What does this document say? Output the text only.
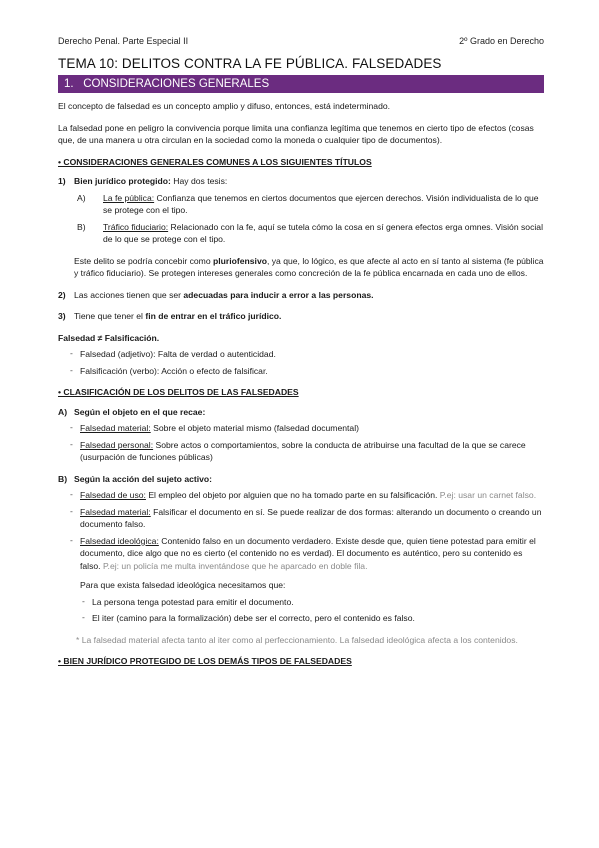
Derecho Penal. Parte Especial II	2º Grado en Derecho
TEMA 10: DELITOS CONTRA LA FE PÚBLICA. FALSEDADES
1. CONSIDERACIONES GENERALES

El concepto de falsedad es un concepto amplio y difuso, entonces, está indeterminado.

La falsedad pone en peligro la convivencia porque limita una confianza legítima que tenemos en cierto tipo de efectos (cosas que, de una manera u otra circulan en la sociedad como la moneda o cualquier tipo de documentos).

• CONSIDERACIONES GENERALES COMUNES A LOS SIGUIENTES TÍTULOS
1) Bien jurídico protegido: Hay dos tesis:
A) La fe pública: Confianza que tenemos en ciertos documentos que ejercen derechos. Visión individualista de lo que se protege con el tipo.
B) Tráfico fiduciario: Relacionado con la fe, aquí se tutela cómo la cosa en sí genera efectos erga omnes. Visión social de lo que se protege con el tipo.

Este delito se podría concebir como pluriofensivo, ya que, lo lógico, es que afecte al acto en sí tanto al sistema (fe pública y tráfico fiduciario). Se protegen intereses generales como concreción de la fe pública encarnada en cada uno de ellos.

2) Las acciones tienen que ser adecuadas para inducir a error a las personas.
3) Tiene que tener el fin de entrar en el tráfico jurídico.
Falsedad ≠ Falsificación.
- Falsedad (adjetivo): Falta de verdad o autenticidad.
- Falsificación (verbo): Acción o efecto de falsificar.
• CLASIFICACIÓN DE LOS DELITOS DE LAS FALSEDADES
A) Según el objeto en el que recae:
- Falsedad material: Sobre el objeto material mismo (falsedad documental)
- Falsedad personal: Sobre actos o comportamientos, sobre la conducta de atribuirse una facultad de la que se carece (usurpación de funciones públicas)
B) Según la acción del sujeto activo:
- Falsedad de uso: El empleo del objeto por alguien que no ha tomado parte en su falsificación. P.ej: usar un carnet falso.
- Falsedad material: Falsificar el documento en sí. Se puede realizar de dos formas: alterando un documento o creando un documento falso.
- Falsedad ideológica: Contenido falso en un documento verdadero. Existe desde que, quien tiene potestad para emitir el documento, dice algo que no es cierto (el contenido no es verdad). El documento es auténtico, pero su contenido es falso. P.ej: un policía me multa inventándose que he aparcado en doble fila.

Para que exista falsedad ideológica necesitamos que:

- La persona tenga potestad para emitir el documento.
- El iter (camino para la formalización) debe ser el correcto, pero el contenido es falso.
* La falsedad material afecta tanto al iter como al perfeccionamiento. La falsedad ideológica afecta a los contenidos.
• BIEN JURÍDICO PROTEGIDO DE LOS DEMÁS TIPOS DE FALSEDADES
